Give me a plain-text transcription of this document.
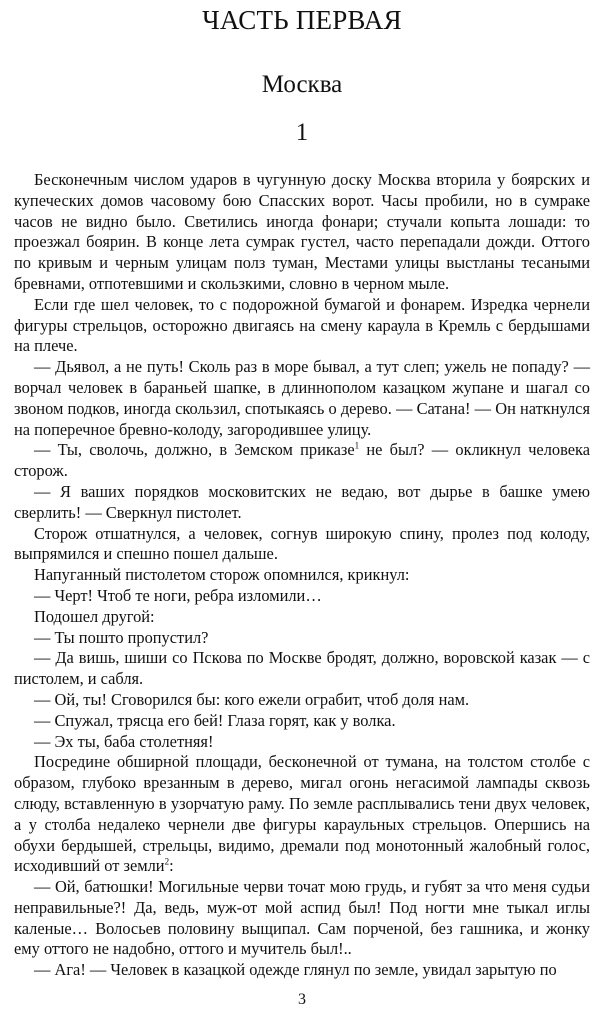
ЧАСТЬ ПЕРВАЯ
Москва
1

Бесконечным числом ударов в чугунную доску Москва вторила у боярских и купеческих домов часовому бою Спасских ворот. Часы пробили, но в сумраке часов не видно было. Светились иногда фонари; стучали копыта лошади: то проезжал боярин. В конце лета сумрак густел, часто перепадали дожди. Оттого по кривым и черным улицам полз туман, Местами улицы выстланы тесаными бревнами, отпотевшими и скользкими, словно в черном мыле.

Если где шел человек, то с подорожной бумагой и фонарем. Изредка чернели фигуры стрельцов, осторожно двигаясь на смену караула в Кремль с бердышами на плече.

— Дьявол, а не путь! Сколь раз в море бывал, а тут слеп; ужель не попаду? — ворчал человек в бараньей шапке, в длиннополом казацком жупане и шагал со звоном подков, иногда скользил, спотыкаясь о дерево. — Сатана! — Он наткнулся на поперечное бревно-колоду, загородившее улицу.

— Ты, сволочь, должно, в Земском приказе$^1$ не был? — окликнул человека сторож.

— Я ваших порядков московитских не ведаю, вот дырье в башке умею сверлить! — Сверкнул пистолет.

Сторож отшатнулся, а человек, согнув широкую спину, пролез под колоду, выпрямился и спешно пошел дальше.

Напуганный пистолетом сторож опомнился, крикнул:

— Черт! Чтоб те ноги, ребра изломили…

Подошел другой:

— Ты пошто пропустил?

— Да вишь, шиши со Пскова по Москве бродят, должно, воровской казак — с пистолем, и сабля.

— Ой, ты! Сговорился бы: кого ежели ограбит, чтоб доля нам.

— Спужал, трясца его бей! Глаза горят, как у волка.

— Эх ты, баба столетняя!

Посредине обширной площади, бесконечной от тумана, на толстом столбе с образом, глубоко врезанным в дерево, мигал огонь негасимой лампады сквозь слюду, вставленную в узорчатую раму. По земле расплывались тени двух человек, а у столба недалеко чернели две фигуры караульных стрельцов. Опершись на обухи бердышей, стрельцы, видимо, дремали под монотонный жалобный голос, исходивший от земли$^2$:

— Ой, батюшки! Могильные черви точат мою грудь, и губят за что меня судьи неправильные?! Да, ведь, муж-от мой аспид был! Под ногти мне тыкал иглы каленые… Волосьев половину выщипал. Сам порченой, без гашника, и жонку ему оттого не надобно, оттого и мучитель был!..

— Ага! — Человек в казацкой одежде глянул по земле, увидал зарытую по

3
